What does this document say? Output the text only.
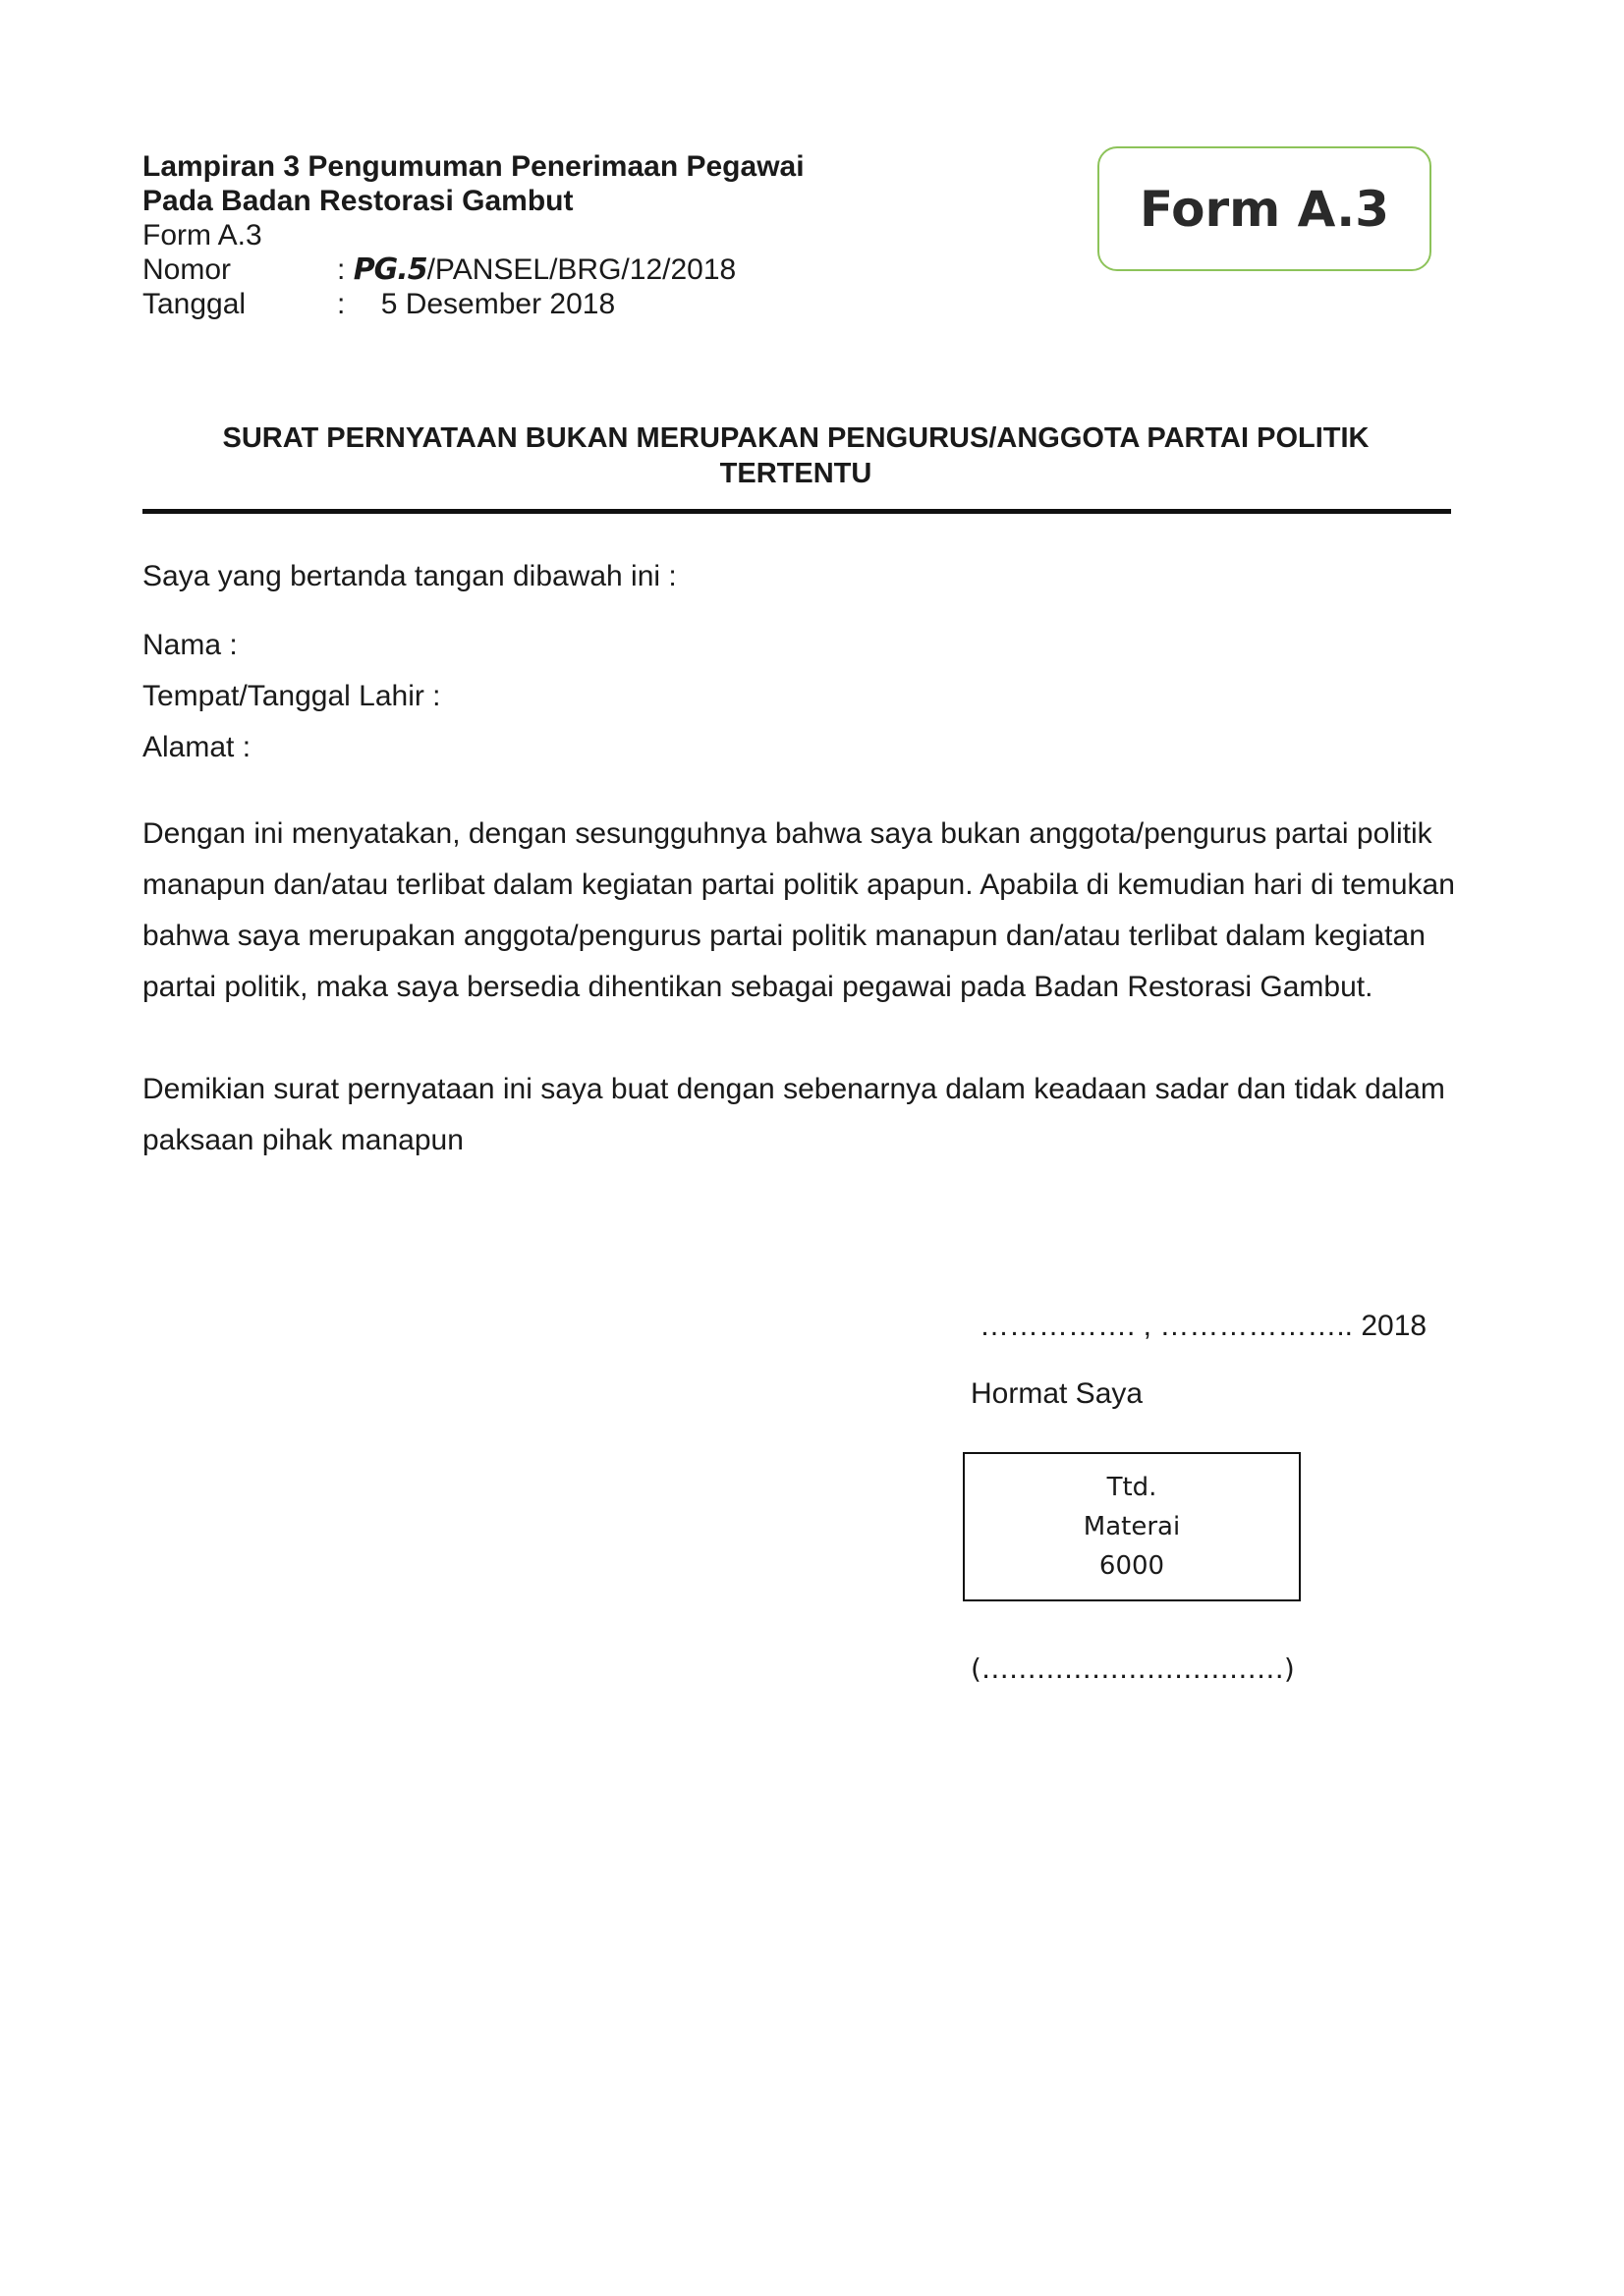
Lampiran 3 Pengumuman Penerimaan Pegawai
Pada Badan Restorasi Gambut
Form A.3
Nomor	: PG.5/PANSEL/BRG/12/2018
Tanggal	: 5 Desember 2018
Form A.3
SURAT PERNYATAAN BUKAN MERUPAKAN PENGURUS/ANGGOTA PARTAI POLITIK
TERTENTU
Saya yang bertanda tangan dibawah ini :
Nama :
Tempat/Tanggal Lahir :
Alamat :
Dengan ini menyatakan, dengan sesungguhnya bahwa saya bukan anggota/pengurus partai politik
manapun dan/atau terlibat dalam kegiatan partai politik apapun. Apabila di kemudian hari di temukan
bahwa saya merupakan anggota/pengurus partai politik manapun dan/atau terlibat dalam kegiatan
partai politik, maka saya bersedia dihentikan sebagai pegawai pada Badan Restorasi Gambut.
Demikian surat pernyataan ini saya buat dengan sebenarnya dalam keadaan sadar dan tidak dalam
paksaan pihak manapun
……………. , ……………….. 2018
Hormat Saya
Ttd.
Materai
6000
(……………………………)
